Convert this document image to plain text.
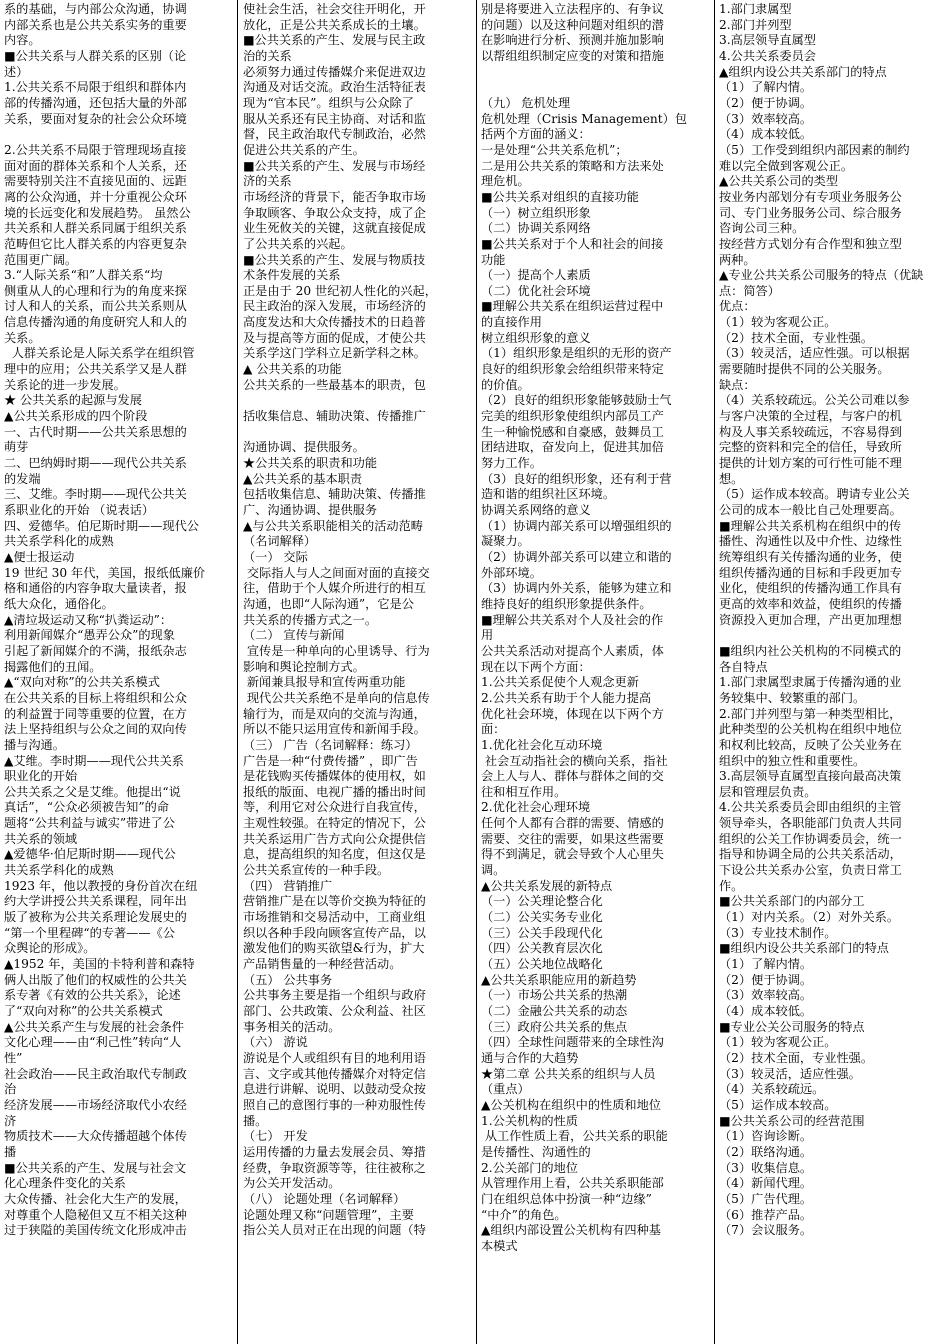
系的基础，与内部公众沟通，协调

内部关系也是公共关系实务的重要

内容。

■公共关系与人群关系的区别（论

述）

1.公共关系不局限于组织和群体内

部的传播沟通，还包括大量的外部

关系，要面对复杂的社会公众环境

2.公共关系不局限于管理现场直接

面对面的群体关系和个人关系，还

需要特别关注不直接见面的、远距

离的公众沟通，并十分重视公众环

境的长远变化和发展趋势。 虽然公

共关系和人群关系同属于组织关系

范畴但它比人群关系的内容更复杂

范围更广阔。

3.“人际关系“和”人群关系“均

侧重从人的心理和行为的角度来探

讨人和人的关系，而公共关系则从

信息传播沟通的角度研究人和人的

关系。

人群关系论是人际关系学在组织管

理中的应用；公共关系学又是人群

关系论的进一步发展。

★ 公共关系的起源与发展

▲公共关系形成的四个阶段

一、古代时期——公共关系思想的

萌芽

二、巴纳姆时期——现代公共关系

的发端

三、艾维。李时期——现代公共关

系职业化的开始 （说表话）

四、爱德华。伯尼斯时期——现代公

共关系学科化的成熟

▲便士报运动

19 世纪 30 年代，美国，报纸低廉价

格和通俗的内容争取大量读者，报

纸大众化，通俗化。

▲清垃圾运动又称“扒粪运动”：

利用新闻媒介“愚弄公众”的现象

引起了新闻媒介的不满，报纸杂志

揭露他们的丑闻。

▲“双向对称”的公共关系模式

在公共关系的目标上将组织和公众

的利益置于同等重要的位置，在方

法上坚持组织与公众之间的双向传

播与沟通。

▲艾维。李时期——现代公共关系

职业化的开始

公共关系之父是艾维。他提出“说

真话”，“公众必须被告知”的命

题将“公共利益与诚实”带进了公

共关系的领域

▲爱德华·伯尼斯时期——现代公

共关系学科化的成熟

1923 年，他以教授的身份首次在纽

约大学讲授公共关系课程，同年出

版了被称为公共关系理论发展史的

“第一个里程碑“的专著——《公

众舆论的形成》。

▲1952 年，美国的卡特利普和森特

俩人出版了他们的权威性的公共关

系专著《有效的公共关系》，论述

了“双向对称”的公共关系模式

▲公共关系产生与发展的社会条件

文化心理——由“利己性”转向“人

性”

社会政治——民主政治取代专制政

治

经济发展——市场经济取代小农经

济

物质技术——大众传播超越个体传

播

■公共关系的产生、发展与社会文

化心理条件变化的关系

大众传播、社会化大生产的发展，

对尊重个人隐秘但又互不相关这种

过于狭隘的美国传统文化形成冲击

使社会生活，社会交往开明化，开

放化，正是公共关系成长的土壤。

■公共关系的产生、发展与民主政

治的关系

必须努力通过传播媒介来促进双边

沟通及对话交流。政治生活特征表

现为“官本民”。组织与公众除了

服从关系还有民主协商、对话和监

督，民主政治取代专制政治，必然

促进公共关系的产生。

■公共关系的产生、发展与市场经

济的关系

市场经济的背景下，能否争取市场

争取顾客、争取公众支持，成了企

业生死攸关的关键，这就直接促成

了公共关系的兴起。

■公共关系的产生、发展与物质技

术条件发展的关系

正是由于 20 世纪初人性化的兴起，

民主政治的深入发展，市场经济的

高度发达和大众传播技术的日趋普

及与提高等方面的促成，才使公共

关系学这门学科立足新学科之林。

▲ 公共关系的功能

公共关系的一些最基本的职责，包

括收集信息、辅助决策、传播推广

沟通协调、提供服务。

★公共关系的职责和功能

▲公共关系的基本职责

包括收集信息、辅助决策、传播推

广、沟通协调、提供服务

▲与公共关系职能相关的活动范畴

（名词解释）

（一） 交际

交际指人与人之间面对面的直接交

往，借助于个人媒介所进行的相互

沟通，也即“人际沟通”，它是公

共关系的传播方式之一。

（二） 宣传与新闻

宣传是一种单向的心里诱导、行为

影响和舆论控制方式。

新闻兼具报导和宣传两重功能

现代公共关系绝不是单向的信息传

输行为，而是双向的交流与沟通，

所以不能只运用宣传和新闻手段。

（三） 广告（名词解释：练习）

广告是一种“付费传播” ，即广告

是花钱购买传播媒体的使用权，如

报纸的版面、电视广播的播出时间

等，利用它对公众进行自我宣传，

主观性较强。在特定的情况下，公

共关系运用广告方式向公众提供信

息，提高组织的知名度，但这仅是

公共关系宣传的一种手段。

（四） 营销推广

营销推广是在以等价交换为特征的

市场推销和交易活动中，工商业组

织以各种手段向顾客宣传产品，以

激发他们的购买欲望&行为，扩大

产品销售量的一种经营活动。

（五） 公共事务

公共事务主要是指一个组织与政府

部门、公共政策、公众利益、社区

事务相关的活动。

（六） 游说

游说是个人或组织有目的地利用语

言、文字或其他传播媒介对特定信

息进行讲解、说明、以鼓动受众按

照自己的意图行事的一种劝服性传

播。

（七） 开发

运用传播的力量去发展会员、筹措

经费，争取资源等等，往往被称之

为公关开发活动。

（八） 论题处理（名词解释）

论题处理又称“问题管理”，主要

指公关人员对正在出现的问题（特

别是将要进入立法程序的、有争议

的问题）以及这种问题对组织的潜

在影响进行分析、预测并施加影响

以帮组组织制定应变的对策和措施

（九） 危机处理

危机处理（Crisis Management）包

括两个方面的涵义：

一是处理“公共关系危机”；

二是用公共关系的策略和方法来处

理危机。

■公共关系对组织的直接功能

（一）树立组织形象

（二）协调关系网络

■公共关系对于个人和社会的间接

功能

（一）提高个人素质

（二）优化社会环境

■理解公共关系在组织运营过程中

的直接作用

树立组织形象的意义

（1）组织形象是组织的无形的资产

良好的组织形象会给组织带来特定

的价值。

（2）良好的组织形象能够鼓励士气

完美的组织形象使组织内部员工产

生一种愉悦感和自豪感，鼓舞员工

团结进取，奋发向上，促进其加倍

努力工作。

（3）良好的组织形象，还有利于营

造和谐的组织社区环境。

协调关系网络的意义

（1）协调内部关系可以增强组织的

凝聚力。

（2）协调外部关系可以建立和谐的

外部环境。

（3）协调内外关系，能够为建立和

维持良好的组织形象提供条件。

■理解公共关系对个人及社会的作

用

公共关系活动对提高个人素质，体

现在以下两个方面：

1.公共关系促使个人观念更新

2.公共关系有助于个人能力提高

优化社会环境，体现在以下两个方

面：

1.优化社会化互动环境

社会互动指社会的横向关系，指社

会上人与人、群体与群体之间的交

往和相互作用。

2.优化社会心理环境

任何个人都有合群的需要、情感的

需要、交往的需要，如果这些需要

得不到满足，就会导致个人心里失

调。

▲公共关系发展的新特点

（一）公关理论整合化

（二）公关实务专业化

（三）公关手段现代化

（四）公关教育层次化

（五）公关地位战略化

▲公共关系职能应用的新趋势

（一）市场公共关系的热潮

（二）金融公共关系的动态

（三）政府公共关系的焦点

（四）全球性问题带来的全球性沟

通与合作的大趋势

★第二章 公共关系的组织与人员

（重点）

▲公关机构在组织中的性质和地位

1.公关机构的性质

从工作性质上看，公共关系的职能

是传播性、沟通性的

2.公关部门的地位

从管理作用上看，公共关系职能部

门在组织总体中扮演一种“边缘”

“中介”的角色。

▲组织内部设置公关机构有四种基

本模式

1.部门隶属型

2.部门并列型

3.高层领导直属型

4.公共关系委员会

▲组织内设公共关系部门的特点

（1）了解内情。

（2）便于协调。

（3）效率较高。

（4）成本较低。

（5）工作受到组织内部因素的制约

难以完全做到客观公正。

▲公共关系公司的类型

按业务内部划分有专项业务服务公

司、专门业务服务公司、综合服务

咨询公司三种。

按经营方式划分有合作型和独立型

两种。

▲专业公共关系公司服务的特点（优缺

点：简答）

优点：

（1）较为客观公正。

（2）技术全面，专业性强。

（3）较灵活，适应性强。可以根据

需要随时提供不同的公关服务。

缺点：

（4）关系较疏远。公关公司难以参

与客户决策的全过程，与客户的机

构及人事关系较疏远，不容易得到

完整的资料和完全的信任，导致所

提供的计划方案的可行性可能不理

想。

（5）运作成本较高。聘请专业公关

公司的成本一般比自己处理要高。

■理解公共关系机构在组织中的传

播性、沟通性以及中介性、边缘性

统筹组织有关传播沟通的业务，使

组织传播沟通的目标和手段更加专

业化，使组织的传播沟通工作具有

更高的效率和效益，使组织的传播

资源投入更加合理，产出更加理想

■组织内社公关机构的不同模式的

各自特点

1.部门隶属型隶属于传播沟通的业

务较集中、较繁重的部门。

2.部门并列型与第一种类型相比，

此种类型的公关机构在组织中地位

和权利比较高，反映了公关业务在

组织中的独立性和重要性。

3.高层领导直属型直接向最高决策

层和管理层负责。

4.公共关系委员会即由组织的主管

领导牵头，各职能部门负责人共同

组织的公关工作协调委员会，统一

指导和协调全局的公共关系活动，

下设公共关系办公室，负责日常工

作。

■公共关系部门的内部分工

（1）对内关系。（2）对外关系。

（3）专业技术制作。

■组织内设公共关系部门的特点

（1）了解内情。

（2）便于协调。

（3）效率较高。

（4）成本较低。

■专业公关公司服务的特点

（1）较为客观公正。

（2）技术全面，专业性强。

（3）较灵活，适应性强。

（4）关系较疏远。

（5）运作成本较高。

■公共关系公司的经营范围

（1）咨询诊断。

（2）联络沟通。

（3）收集信息。

（4）新闻代理。

（5）广告代理。

（6）推荐产品。

（7）会议服务。
